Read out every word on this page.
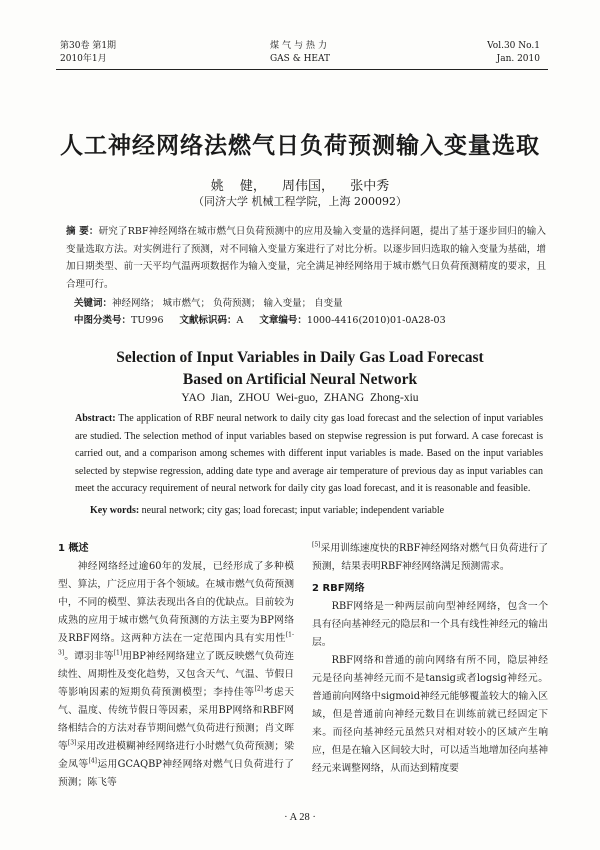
第30卷 第1期
2010年1月
煤气与热力
GAS & HEAT
Vol.30 No.1
Jan. 2010
人工神经网络法燃气日负荷预测输入变量选取
姚 健， 周伟国， 张中秀
（同济大学 机械工程学院，上海 200092）
摘 要：研究了RBF神经网络在城市燃气日负荷预测中的应用及输入变量的选择问题，提出了基于逐步回归的输入变量选取方法。对实例进行了预测，对不同输入变量方案进行了对比分析。以逐步回归选取的输入变量为基础，增加日期类型、前一天平均气温两项数据作为输入变量，完全满足神经网络用于城市燃气日负荷预测精度的要求，且合理可行。
关键词：神经网络； 城市燃气； 负荷预测； 输入变量； 自变量
中图分类号：TU996 文献标识码：A 文章编号：1000-4416(2010)01-0A28-03
Selection of Input Variables in Daily Gas Load Forecast
Based on Artificial Neural Network
YAO Jian, ZHOU Wei-guo, ZHANG Zhong-xiu
Abstract: The application of RBF neural network to daily city gas load forecast and the selection of input variables are studied. The selection method of input variables based on stepwise regression is put forward. A case forecast is carried out, and a comparison among schemes with different input variables is made. Based on the input variables selected by stepwise regression, adding date type and average air temperature of previous day as input variables can meet the accuracy requirement of neural network for daily city gas load forecast, and it is reasonable and feasible.
Key words: neural network; city gas; load forecast; input variable; independent variable
1 概述

神经网络经过逾60年的发展，已经形成了多种模型、算法，广泛应用于各个领域。在城市燃气负荷预测中，不同的模型、算法表现出各自的优缺点。目前较为成熟的应用于城市燃气负荷预测的方法主要为BP网络及RBF网络。这两种方法在一定范围内具有实用性[1-3]。谭羽非等[1]用BP神经网络建立了既反映燃气负荷连续性、周期性及变化趋势，又包含天气、气温、节假日等影响因素的短期负荷预测模型；李持佳等[2]考虑天气、温度、传统节假日等因素，采用BP网络和RBF网络相结合的方法对春节期间燃气负荷进行预测；肖文晖等[3]采用改进模糊神经网络进行小时燃气负荷预测；梁金凤等[4]运用GCAQBP神经网络对燃气日负荷进行了预测；陈飞等

[5]采用训练速度快的RBF神经网络对燃气日负荷进行了预测，结果表明RBF神经网络满足预测需求。

2 RBF网络

RBF网络是一种两层前向型神经网络，包含一个具有径向基神经元的隐层和一个具有线性神经元的输出层。

RBF网络和普通的前向网络有所不同，隐层神经元是径向基神经元而不是tansig或者logsig神经元。普通前向网络中sigmoid神经元能够覆盖较大的输入区域，但是普通前向神经元数目在训练前就已经固定下来。而径向基神经元虽然只对相对较小的区域产生响应，但是在输入区间较大时，可以适当地增加径向基神经元来调整网络，从而达到精度要

· A 28 ·
